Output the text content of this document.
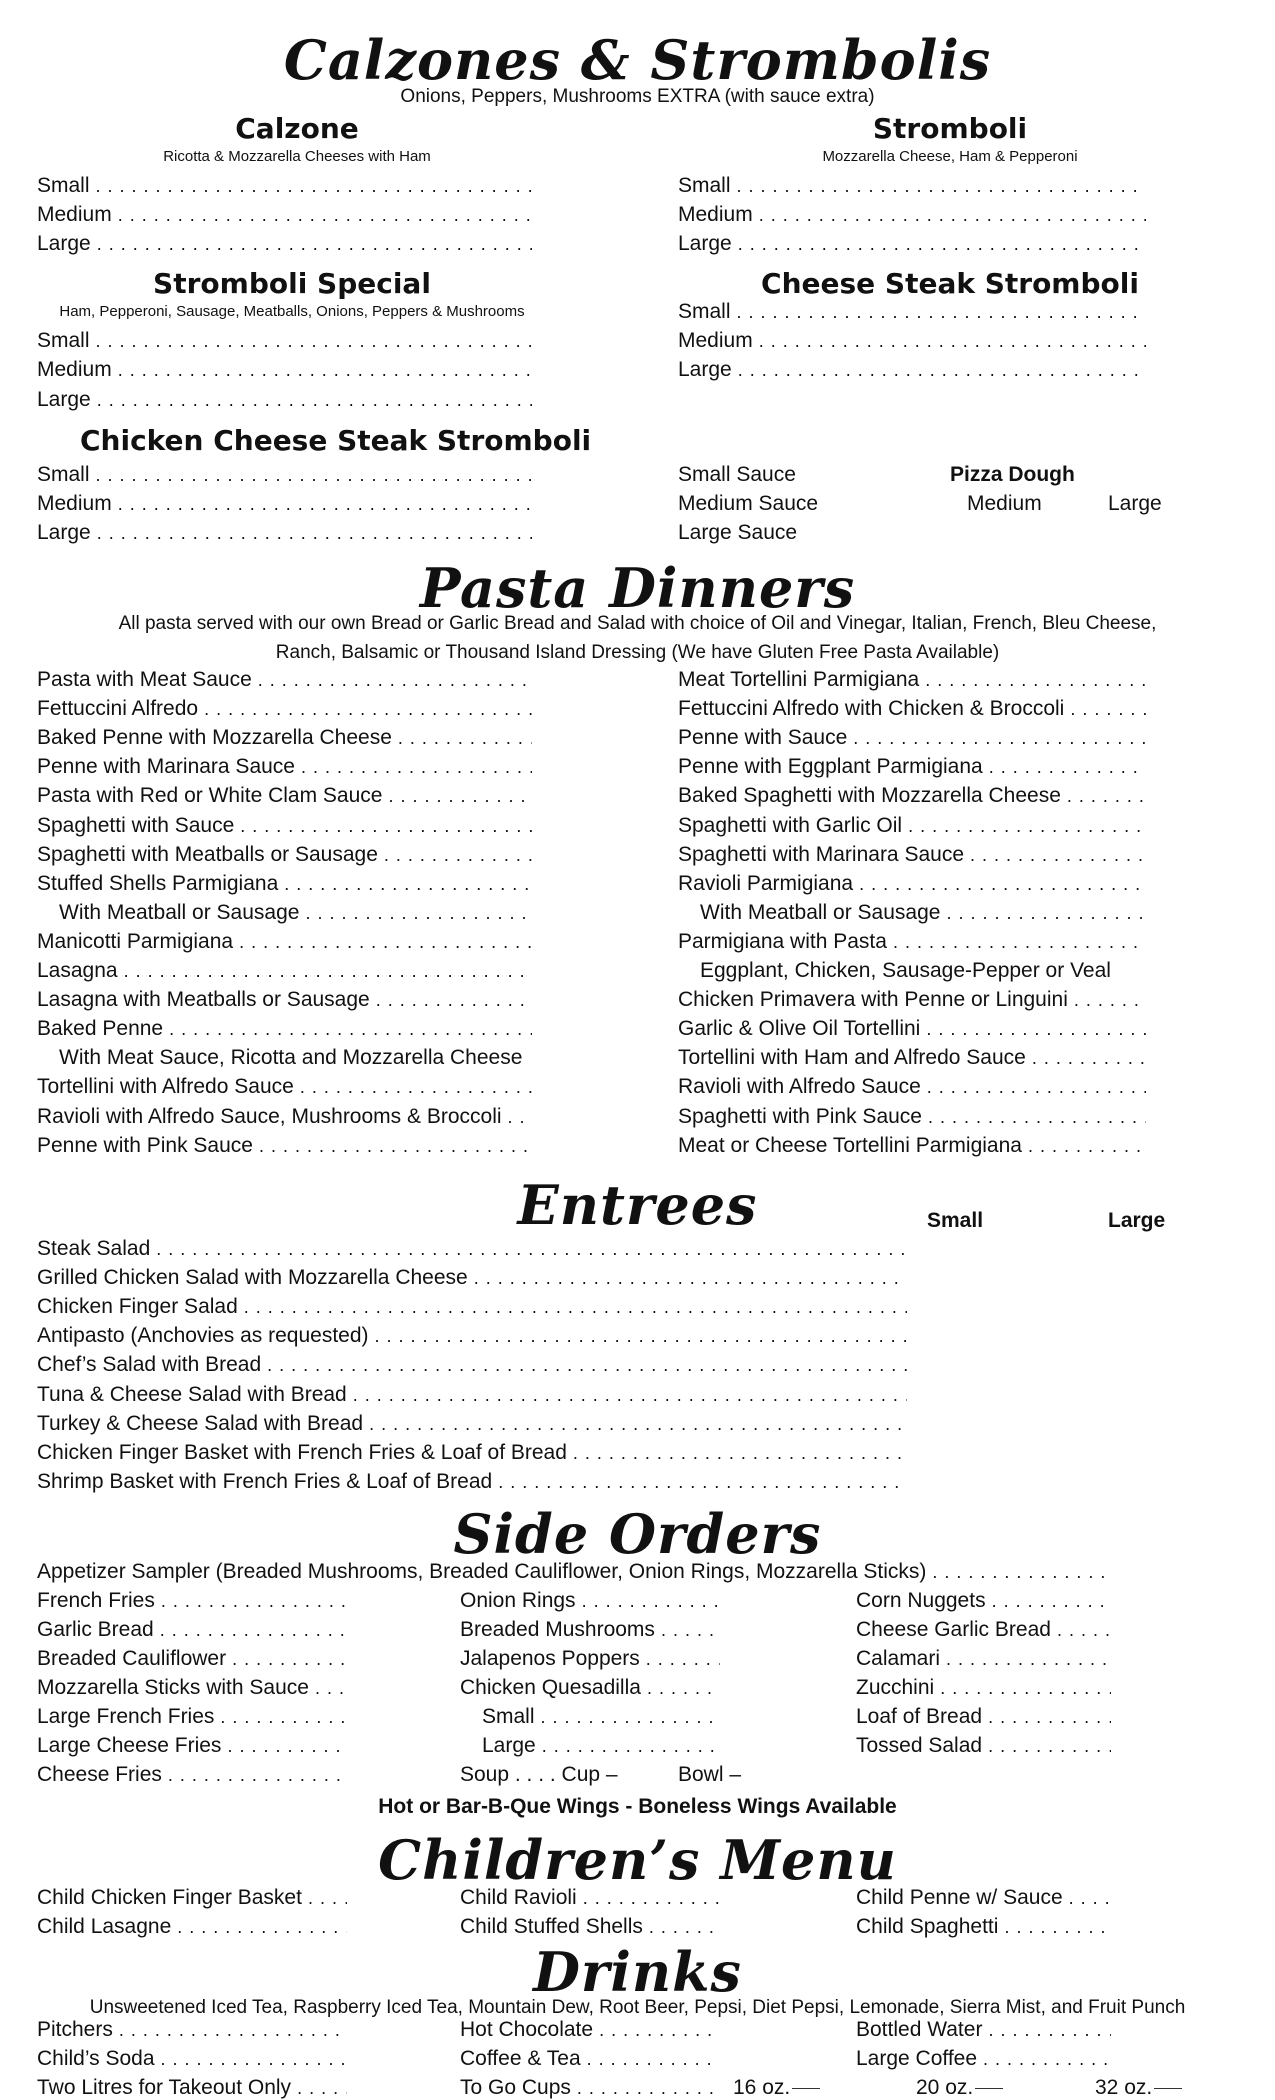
Calzones & Strombolis
Onions, Peppers, Mushrooms EXTRA (with sauce extra)
Calzone
Ricotta & Mozzarella Cheeses with Ham
Small
. . .
Medium
. . .
Large
. . .
Stromboli
Mozzarella Cheese, Ham & Pepperoni
Small
. . .
Medium
. . .
Large
. . .
Stromboli Special
Ham, Pepperoni, Sausage, Meatballs, Onions, Peppers & Mushrooms
Small
. . .
Medium
. . .
Large
. . .
Cheese Steak Stromboli
Small
. . .
Medium
. . .
Large
. . .
Chicken Cheese Steak Stromboli
Small
. . .
Medium
. . .
Large
. . .
Small Sauce
Medium Sauce
Large Sauce
Pizza Dough
Medium	Large
Pasta Dinners
All pasta served with our own Bread or Garlic Bread and Salad with choice of Oil and Vinegar, Italian, French, Bleu Cheese,
Ranch, Balsamic or Thousand Island Dressing (We have Gluten Free Pasta Available)
Pasta with Meat Sauce
. . .
Fettuccini Alfredo
. . .
Baked Penne with Mozzarella Cheese
. . .
Penne with Marinara Sauce
. . .
Pasta with Red or White Clam Sauce
. . .
Spaghetti with Sauce
. . .
Spaghetti with Meatballs or Sausage
. . .
Stuffed Shells Parmigiana
. . .
With Meatball or Sausage
. . .
Manicotti Parmigiana
. . .
Lasagna
. . .
Lasagna with Meatballs or Sausage
. . .
Baked Penne
. . .
With Meat Sauce, Ricotta and Mozzarella Cheese
Tortellini with Alfredo Sauce
. . .
Ravioli with Alfredo Sauce, Mushrooms & Broccoli
. . .
Penne with Pink Sauce
. . .
Meat Tortellini Parmigiana
. . .
Fettuccini Alfredo with Chicken & Broccoli
. . .
Penne with Sauce
. . .
Penne with Eggplant Parmigiana
. . .
Baked Spaghetti with Mozzarella Cheese
. . .
Spaghetti with Garlic Oil
. . .
Spaghetti with Marinara Sauce
. . .
Ravioli Parmigiana
. . .
With Meatball or Sausage
. . .
Parmigiana with Pasta
. . .
Eggplant, Chicken, Sausage-Pepper or Veal
Chicken Primavera with Penne or Linguini
. . .
Garlic & Olive Oil Tortellini
. . .
Tortellini with Ham and Alfredo Sauce
. . .
Ravioli with Alfredo Sauce
. . .
Spaghetti with Pink Sauce
. . .
Meat or Cheese Tortellini Parmigiana
. . .
Entrees	Small	Large
Steak Salad
. . .
Grilled Chicken Salad with Mozzarella Cheese
. . .
Chicken Finger Salad
. . .
Antipasto (Anchovies as requested)
. . .
Chef’s Salad with Bread
. . .
Tuna & Cheese Salad with Bread
. . .
Turkey & Cheese Salad with Bread
. . .
Chicken Finger Basket with French Fries & Loaf of Bread
. . .
Shrimp Basket with French Fries & Loaf of Bread
. . .
Side Orders
Appetizer Sampler (Breaded Mushrooms, Breaded Cauliflower, Onion Rings, Mozzarella Sticks)
. . .
French Fries
. . .
Garlic Bread
. . .
Breaded Cauliflower
. . .
Mozzarella Sticks with Sauce
. . .
Large French Fries
. . .
Large Cheese Fries
. . .
Cheese Fries
. . .
Onion Rings
. . .
Breaded Mushrooms
. . .
Jalapenos Poppers
. . .
Chicken Quesadilla
. . .
Small
. . .
Large
. . .
Corn Nuggets
. . .
Cheese Garlic Bread
. . .
Calamari
. . .
Zucchini
. . .
Loaf of Bread
. . .
Tossed Salad
. . .
Soup . . . . Cup –	Bowl –
Hot or Bar-B-Que Wings - Boneless Wings Available
Children’s Menu
Child Chicken Finger Basket
. . .
Child Lasagne
. . .
Child Ravioli
. . .
Child Stuffed Shells
. . .
Child Penne w/ Sauce
. . .
Child Spaghetti
. . .
Drinks
Unsweetened Iced Tea, Raspberry Iced Tea, Mountain Dew, Root Beer, Pepsi, Diet Pepsi, Lemonade, Sierra Mist, and Fruit Punch
Pitchers
. . .
Child’s Soda
. . .
Two Litres for Takeout Only
. . .
Hot Chocolate
. . .
Coffee & Tea
. . .
To Go Cups
. . .
Bottled Water
. . .
Large Coffee
. . .
16 oz.	20 oz.	32 oz.
